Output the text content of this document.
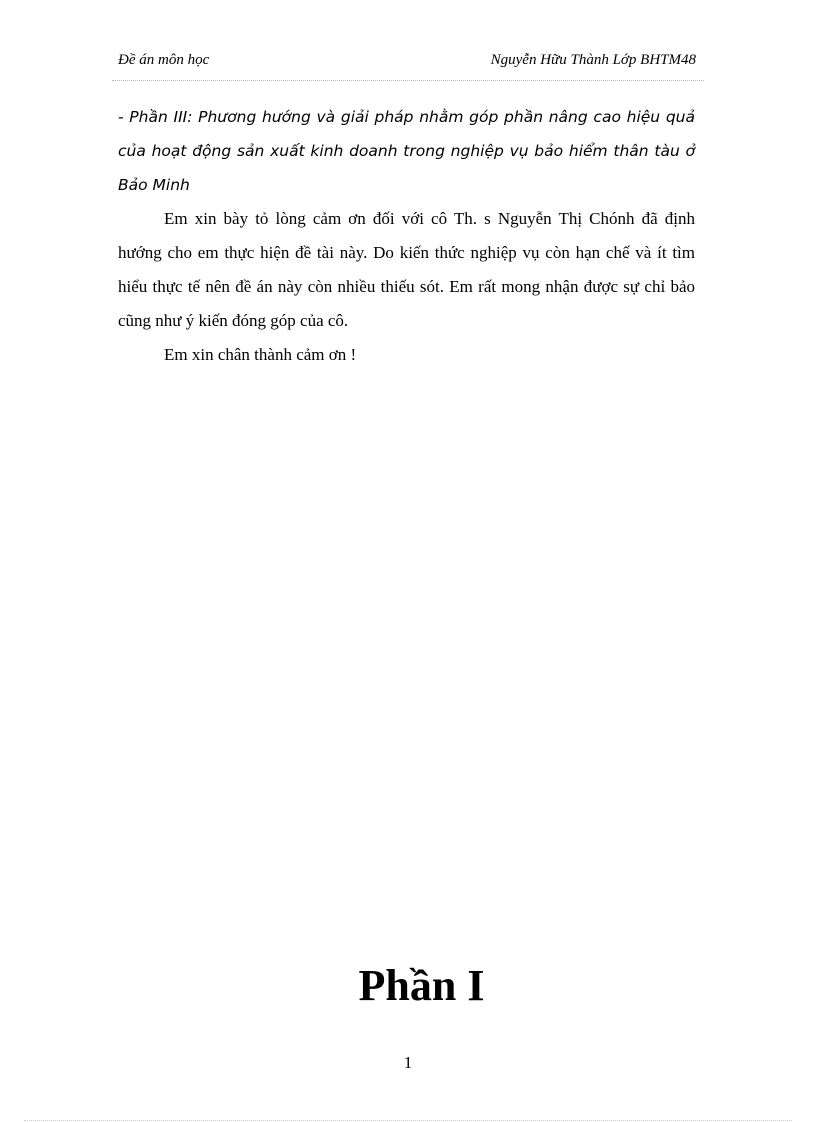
Đề án môn học	Nguyễn Hữu Thành Lớp BHTM48

- Phần III: Phương hướng và giải pháp nhằm góp phần nâng cao hiệu quả của hoạt động sản xuất kinh doanh trong nghiệp vụ bảo hiểm thân tàu ở Bảo Minh

Em xin bày tỏ lòng cảm ơn đối với cô Th. s Nguyễn Thị Chónh đã định hướng cho em thực hiện đề tài này. Do kiến thức nghiệp vụ còn hạn chế và ít tìm hiểu thực tế nên đề án này còn nhiều thiếu sót. Em rất mong nhận được sự chỉ bảo cũng như ý kiến đóng góp của cô.

Em xin chân thành cảm ơn !

Phần I
1
